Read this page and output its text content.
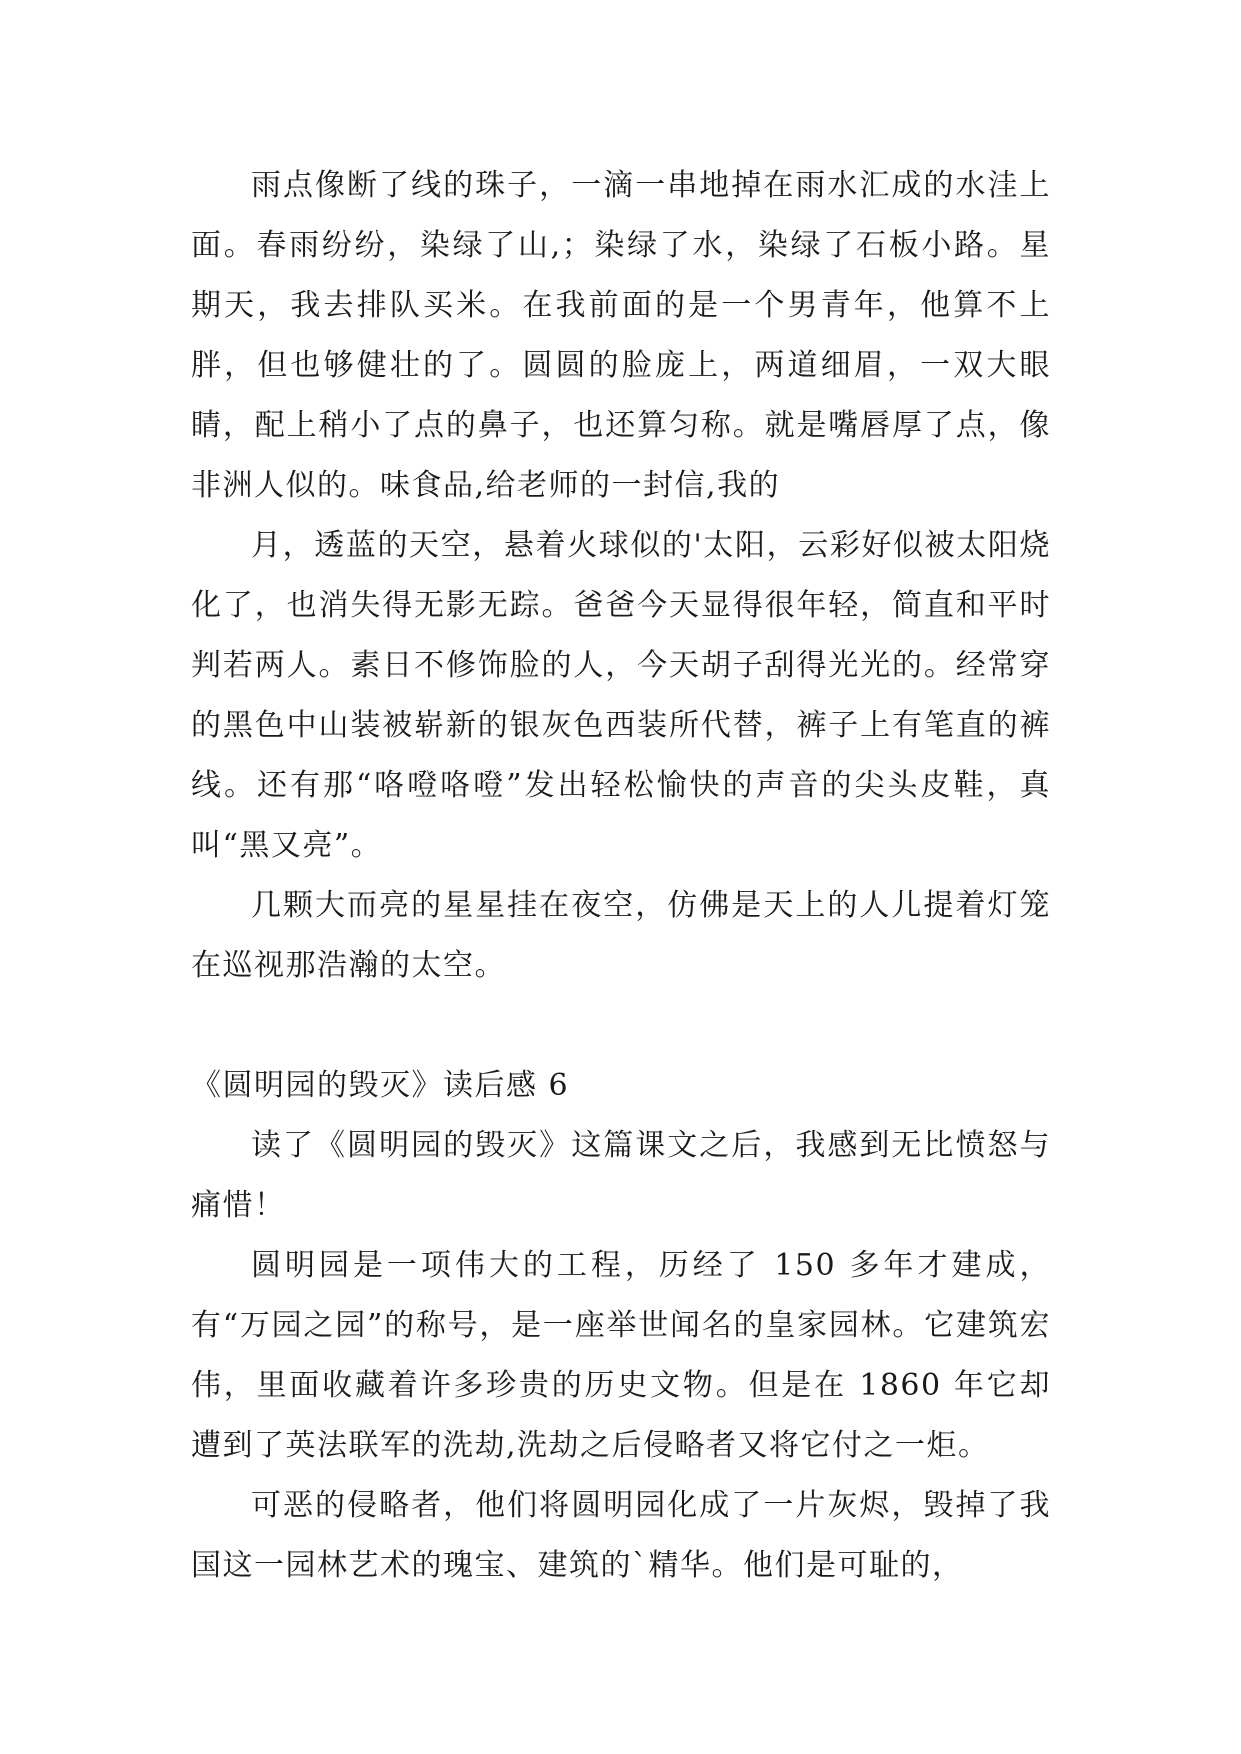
雨点像断了线的珠子，一滴一串地掉在雨水汇成的水洼上面。春雨纷纷，染绿了山,；染绿了水，染绿了石板小路。星期天，我去排队买米。在我前面的是一个男青年，他算不上胖，但也够健壮的了。圆圆的脸庞上，两道细眉，一双大眼睛，配上稍小了点的鼻子，也还算匀称。就是嘴唇厚了点，像非洲人似的。味食品,给老师的一封信,我的

月，透蓝的天空，悬着火球似的'太阳，云彩好似被太阳烧化了，也消失得无影无踪。爸爸今天显得很年轻，简直和平时判若两人。素日不修饰脸的人，今天胡子刮得光光的。经常穿的黑色中山装被崭新的银灰色西装所代替，裤子上有笔直的裤线。还有那“咯噔咯噔”发出轻松愉快的声音的尖头皮鞋，真叫“黑又亮”。

几颗大而亮的星星挂在夜空，仿佛是天上的人儿提着灯笼在巡视那浩瀚的太空。

《圆明园的毁灭》读后感 6

读了《圆明园的毁灭》这篇课文之后，我感到无比愤怒与痛惜！

圆明园是一项伟大的工程，历经了 150 多年才建成，有“万园之园”的称号，是一座举世闻名的皇家园林。它建筑宏伟，里面收藏着许多珍贵的历史文物。但是在 1860 年它却遭到了英法联军的洗劫,洗劫之后侵略者又将它付之一炬。

可恶的侵略者，他们将圆明园化成了一片灰烬，毁掉了我国这一园林艺术的瑰宝、建筑的`精华。他们是可耻的，
